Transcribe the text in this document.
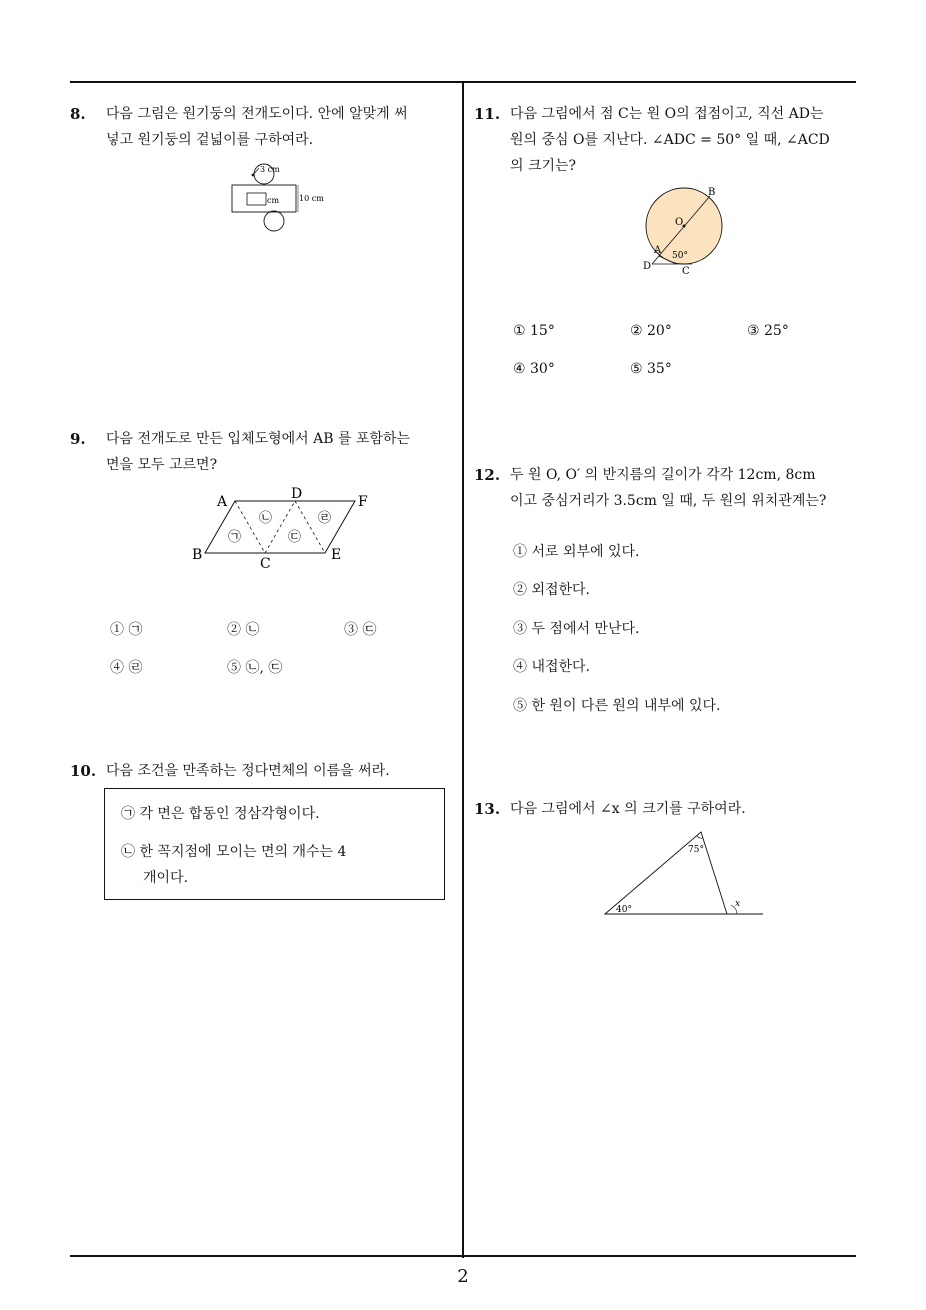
2
8. 다음 그림은 원기둥의 전개도이다. 안에 알맞게 써
넣고 원기둥의 겉넓이를 구하여라.
3 cm
cm 10 cm
9. 다음 전개도로 만든 입체도형에서 AB 를 포함하는
면을 모두 고르면?
A	D	F
B
C
E
㉠
㉡
㉢
㉣
① ㉠	② ㉡	③ ㉢
④ ㉣	⑤ ㉡, ㉢
10. 다음 조건을 만족하는 정다면체의 이름을 써라.
㉠ 각 면은 합동인 정삼각형이다.
㉡ 한 꼭지점에 모이는 면의 개수는 4
개이다.
11. 다음 그림에서 점 C는 원 O의 접점이고, 직선 AD는
원의 중심 O를 지난다. ∠ADC = 50° 일 때, ∠ACD
의 크기는?
O
B
A
D	C
50°
① 15°	② 20°	③ 25°
④ 30°	⑤ 35°
12. 두 원 O, O′ 의 반지름의 길이가 각각 12cm, 8cm
이고 중심거리가 3.5cm 일 때, 두 원의 위치관계는?
① 서로 외부에 있다.
② 외접한다.
③ 두 점에서 만난다.
④ 내접한다.
⑤ 한 원이 다른 원의 내부에 있다.
13. 다음 그림에서 ∠x 의 크기를 구하여라.
75°
40°
x
